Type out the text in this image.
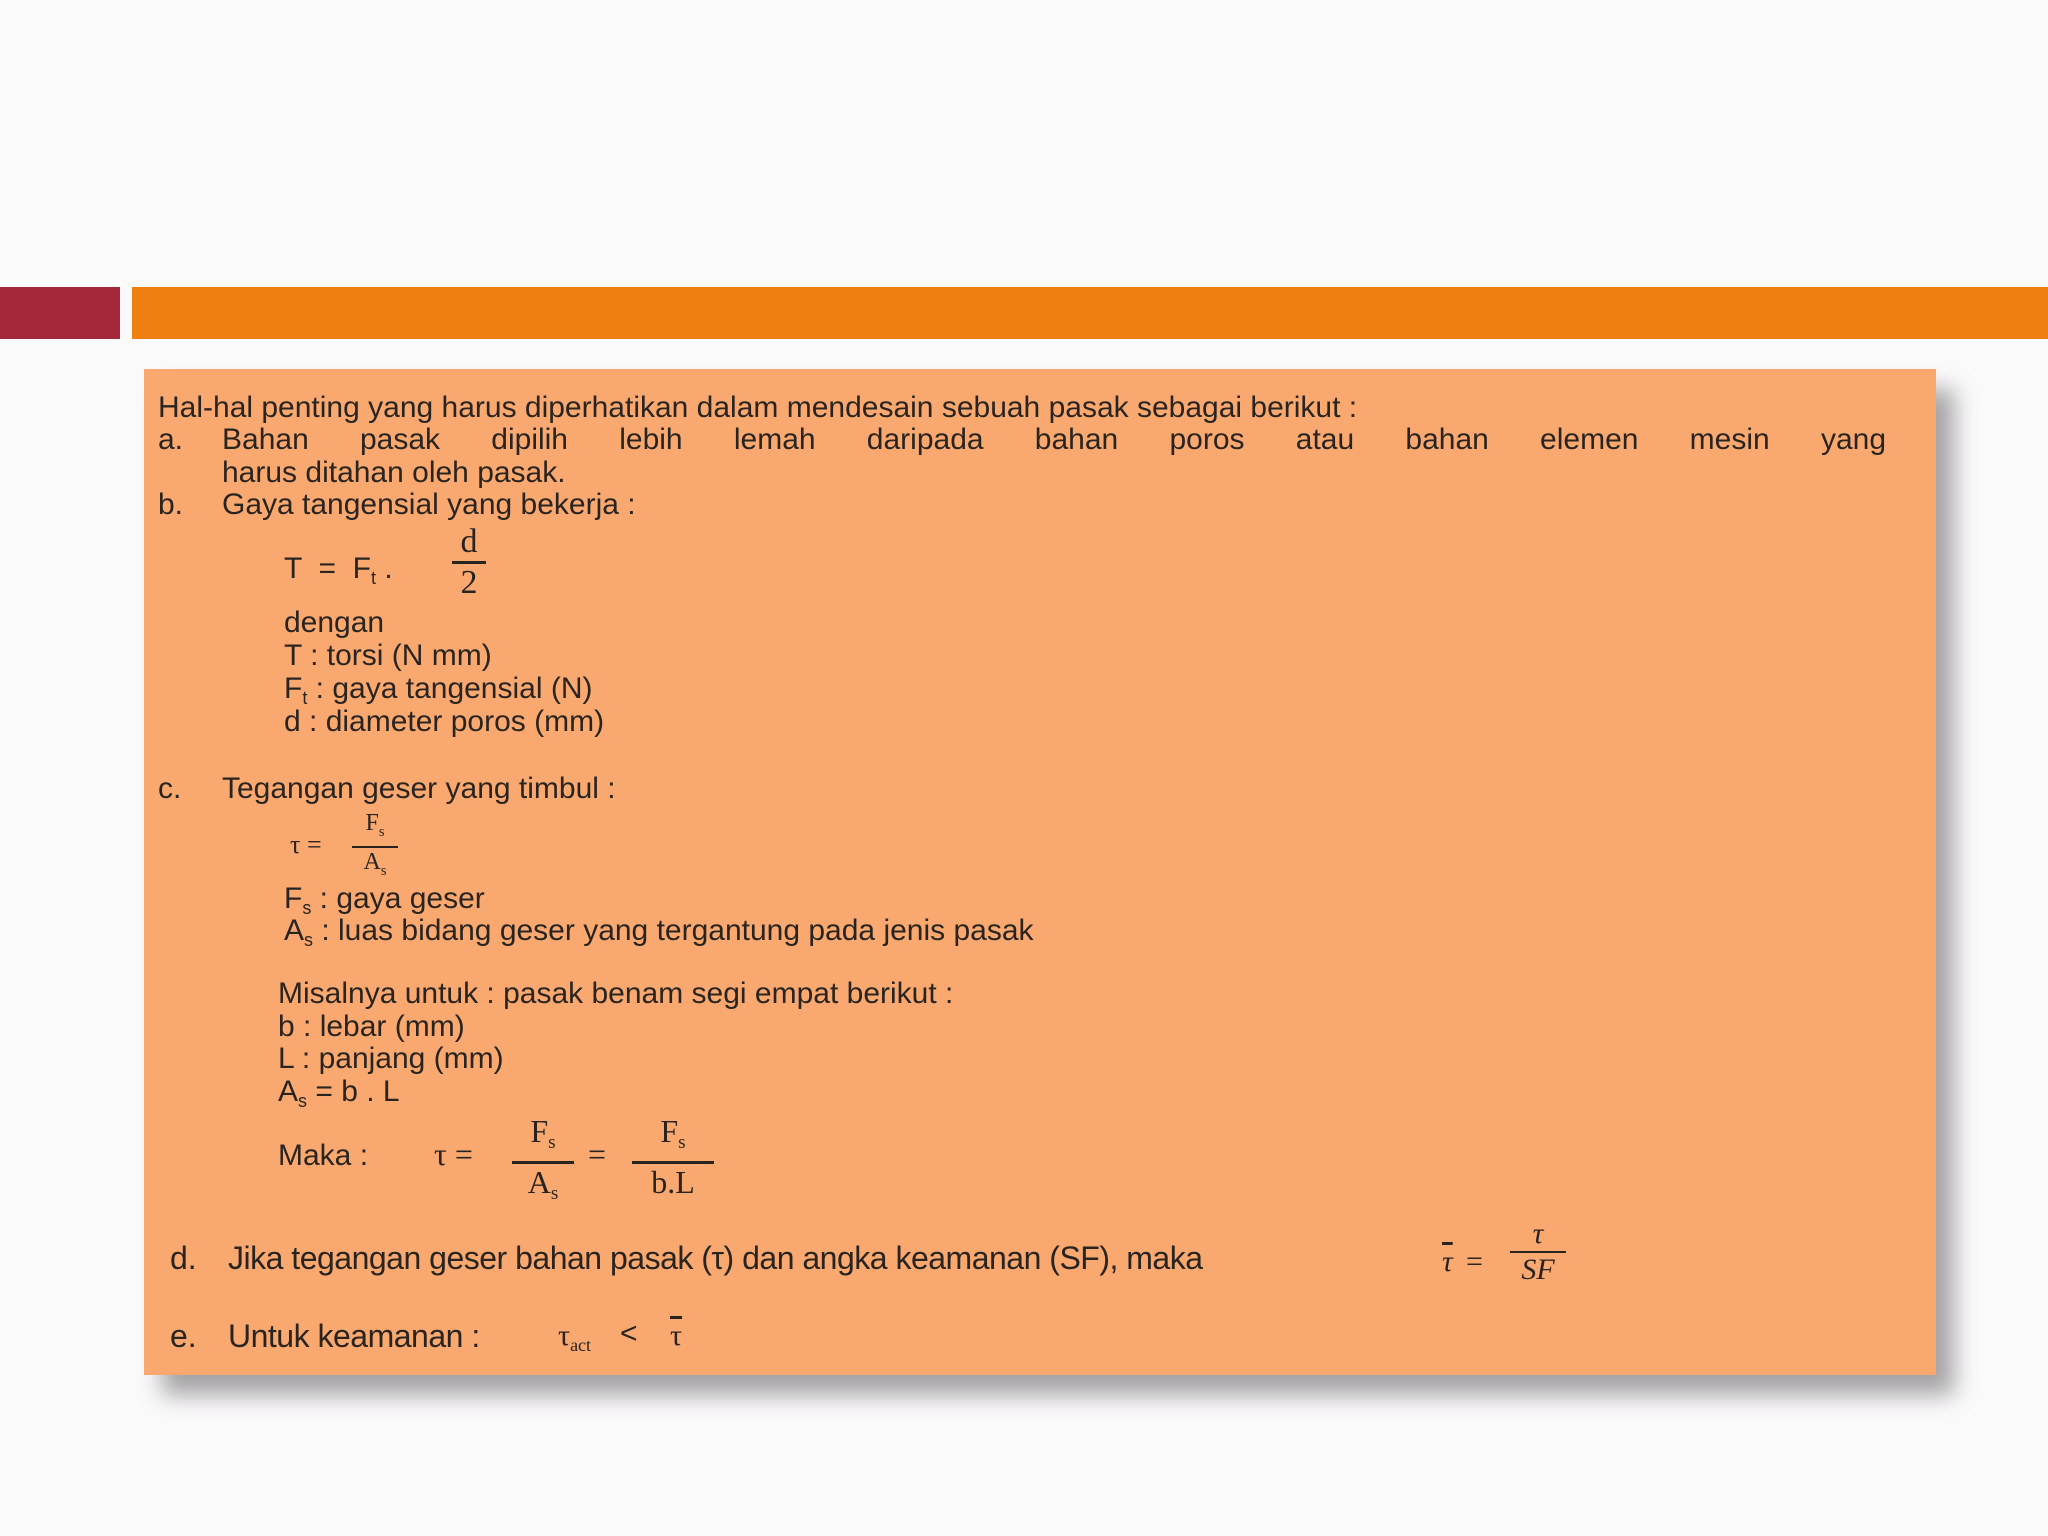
Hal-hal penting yang harus diperhatikan dalam mendesain sebuah pasak sebagai berikut :
a. Bahan pasak dipilih lebih lemah daripada bahan poros atau bahan elemen mesin yang
harus ditahan oleh pasak.
b. Gaya tangensial yang bekerja :
$T = F_t$ .
d
2
dengan
T : torsi (N mm)
$F_t$ : gaya tangensial (N)
d : diameter poros (mm)
c. Tegangan geser yang timbul :
τ =
$F_s$
$A_s$
$F_s$ : gaya geser
$A_s$ : luas bidang geser yang tergantung pada jenis pasak
Misalnya untuk : pasak benam segi empat berikut :
b : lebar (mm)
L : panjang (mm)
$A_s = b$ . L
Maka : τ =
$F_s$
$A_s$
=
$F_s$
b.L
d. Jika tegangan geser bahan pasak (τ) dan angka keamanan (SF), maka	$\overline{\tau}$ =
τ
SF
e. Untuk keamanan :	$\tau_{act} < \overline{\tau}$
